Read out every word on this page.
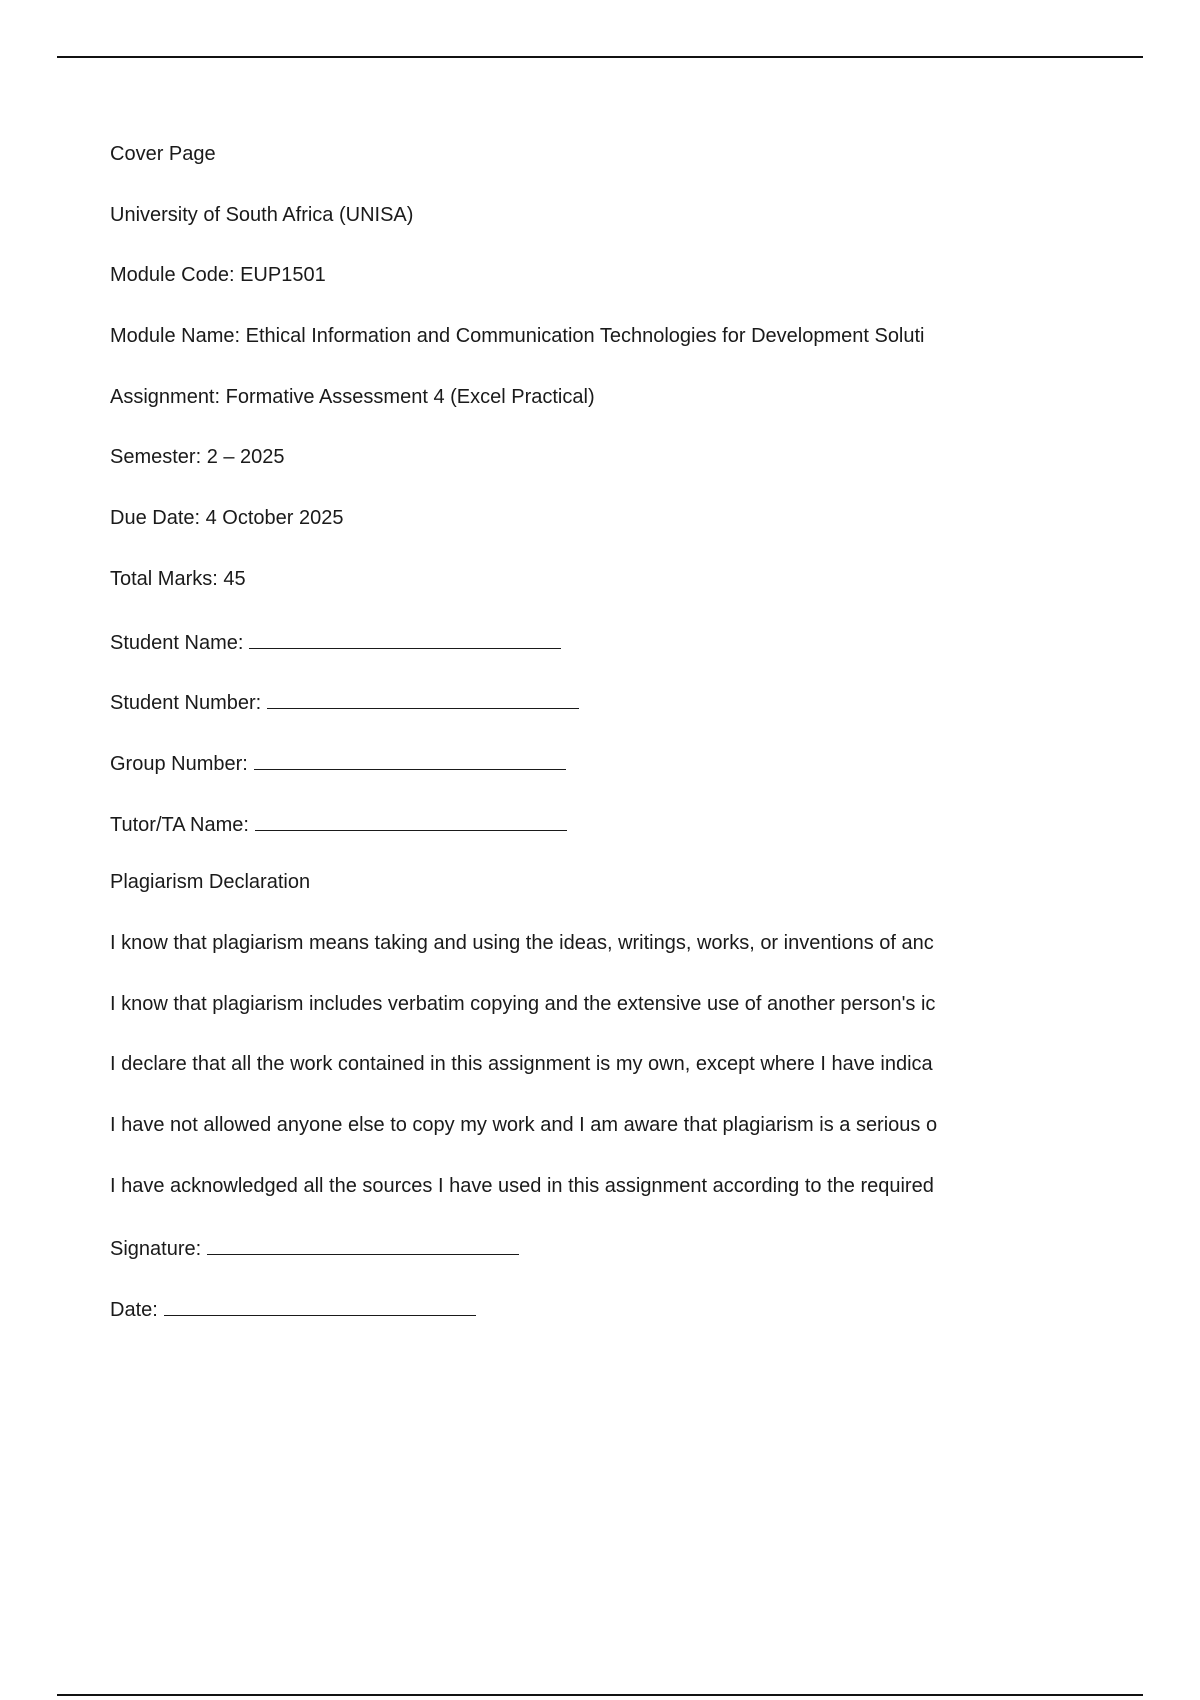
Cover Page
University of South Africa (UNISA)
Module Code: EUP1501
Module Name: Ethical Information and Communication Technologies for Development Soluti
Assignment: Formative Assessment 4 (Excel Practical)
Semester: 2 – 2025
Due Date: 4 October 2025
Total Marks: 45
Student Name:
Student Number:
Group Number:
Tutor/TA Name:
Plagiarism Declaration
I know that plagiarism means taking and using the ideas, writings, works, or inventions of anc
I know that plagiarism includes verbatim copying and the extensive use of another person's ic
I declare that all the work contained in this assignment is my own, except where I have indica
I have not allowed anyone else to copy my work and I am aware that plagiarism is a serious o
I have acknowledged all the sources I have used in this assignment according to the required
Signature:
Date:
